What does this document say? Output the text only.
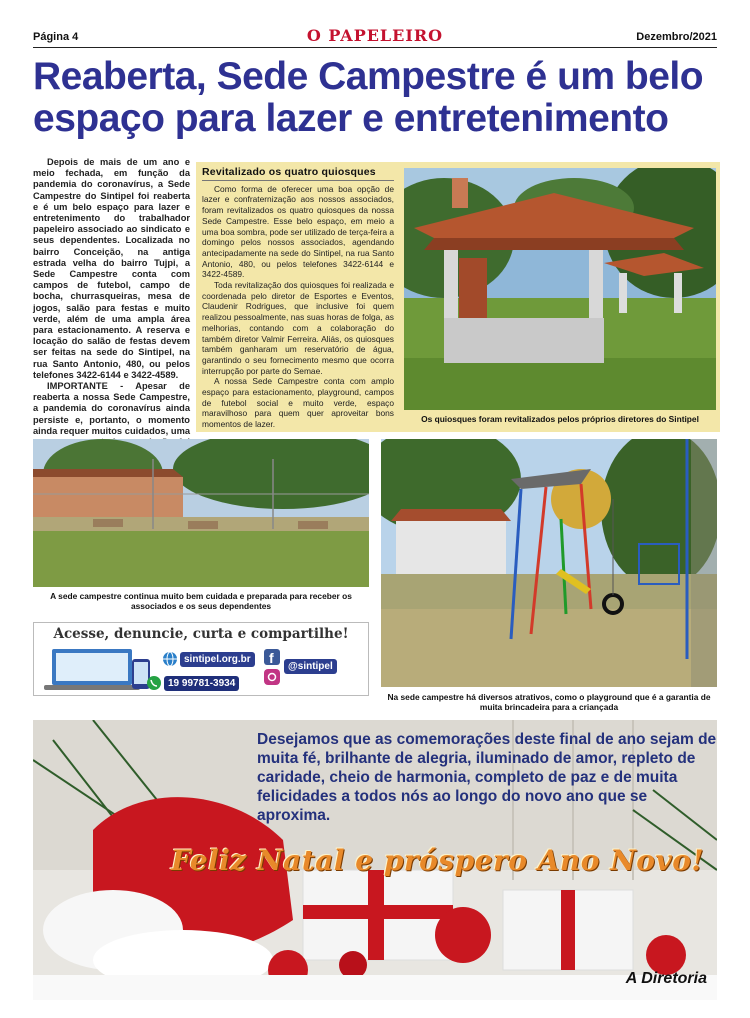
Página 4	O PAPELEIRO	Dezembro/2021
Reaberta, Sede Campestre é um belo espaço para lazer e entretenimento

Depois de mais de um ano e meio fechada, em função da pandemia do coronavírus, a Sede Campestre do Sintipel foi reaberta e é um belo espaço para lazer e entretenimento do trabalhador papeleiro associado ao sindicato e seus dependentes. Localizada no bairro Conceição, na antiga estrada velha do bairro Tujpi, a Sede Campestre conta com campos de futebol, campo de bocha, churrasqueiras, mesa de jogos, salão para festas e muito verde, além de uma ampla área para estacionamento. A reserva e locação do salão de festas devem ser feitas na sede do Sintipel, na rua Santo Antonio, 480, ou pelos telefones 3422-6144 e 3422-4589.

IMPORTANTE - Apesar de reaberta a nossa Sede Campestre, a pandemia do coronavírus ainda persiste e, portanto, o momento ainda requer muitos cuidados, uma

Revitalizado os quatro quiosques

Como forma de oferecer uma boa opção de lazer e confraternização aos nossos associados, foram revitalizados os quatro quiosques da nossa Sede Campestre. Esse belo espaço, em meio a uma boa sombra, pode ser utilizado de terça-feira a domingo pelos nossos associados, agendando antecipadamente na sede do Sintipel, na rua Santo Antonio, 480, ou pelos telefones 3422-6144 e 3422-4589.

Toda revitalização dos quiosques foi realizada e coordenada pelo diretor de Esportes e Eventos, Claudenir Rodrigues, que inclusive foi quem realizou pessoalmente, nas suas horas de folga, as melhorias, contando com a colaboração do também diretor Valmir Ferreira. Aliás, os quiosques também ganharam um reservatório de água, garantindo o seu fornecimento mesmo que ocorra interrupção por parte do Semae.

A nossa Sede Campestre conta com amplo espaço para estacionamento, playground, campos de futebol social e muito verde, espaço maravilhoso para quem quer aproveitar bons momentos de lazer.

Os quiosques foram revitalizados pelos próprios diretores do Sintipel
A sede campestre continua muito bem cuidada e preparada para receber os associados e os seus dependentes
Acesse, denuncie, curta e compartilhe!
sintipel.org.br
19 99781-3934
f
@sintipel
Na sede campestre há diversos atrativos, como o playground que é a garantia de muita brincadeira para a criançada
Desejamos que as comemorações deste final de ano sejam de muita fé, brilhante de alegria, iluminado de amor, repleto de caridade, cheio de harmonia, completo de paz e de muita felicidades a todos nós ao longo do novo ano que se aproxima.
Feliz Natal e próspero Ano Novo!
A Diretoria
